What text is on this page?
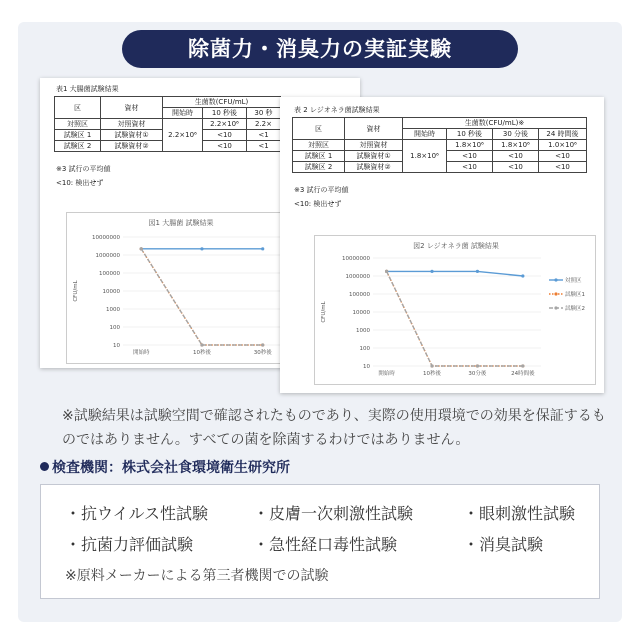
除菌力・消臭力の実証実験
表1 大腸菌試験結果
区	資材	生菌数(CFU/mL)		
		開始時	10 秒後	30 秒
対照区	対照資材	2.2×10⁶	2.2×10⁶	2.2×
試験区 1	試験資材①		<10	<1
試験区 2	試験資材②		<10	<1
※3 試行の平均値
<10: 検出せず
図1 大腸菌 試験結果
10000000
1000000
100000
10000
1000
100
10
CFU/mL
開始時	10秒後	30秒後
表 2 レジオネラ菌試験結果
区	資材	生菌数(CFU/mL)※			
		開始時	10 秒後	30 分後	24 時間後
対照区	対照資材	1.8×10⁶	1.8×10⁶	1.8×10⁶	1.0×10⁶
試験区 1	試験資材①		<10	<10	<10
試験区 2	試験資材②		<10	<10	<10
※3 試行の平均値
<10: 検出せず
図2 レジオネラ菌 試験結果
10000000
1000000
100000
10000
1000
100
10
CFU/mL
開始時	10秒後	30分後	24時間後
対照区
試験区1
試験区2
※試験結果は試験空間で確認されたものであり、実際の使用環境での効果を保証するものではありません。すべての菌を除菌するわけではありません。
検査機関：株式会社食環境衛生研究所
・抗ウイルス性試験	・皮膚一次刺激性試験	・眼刺激性試験
・抗菌力評価試験	・急性経口毒性試験	・消臭試験
※原料メーカーによる第三者機関での試験
